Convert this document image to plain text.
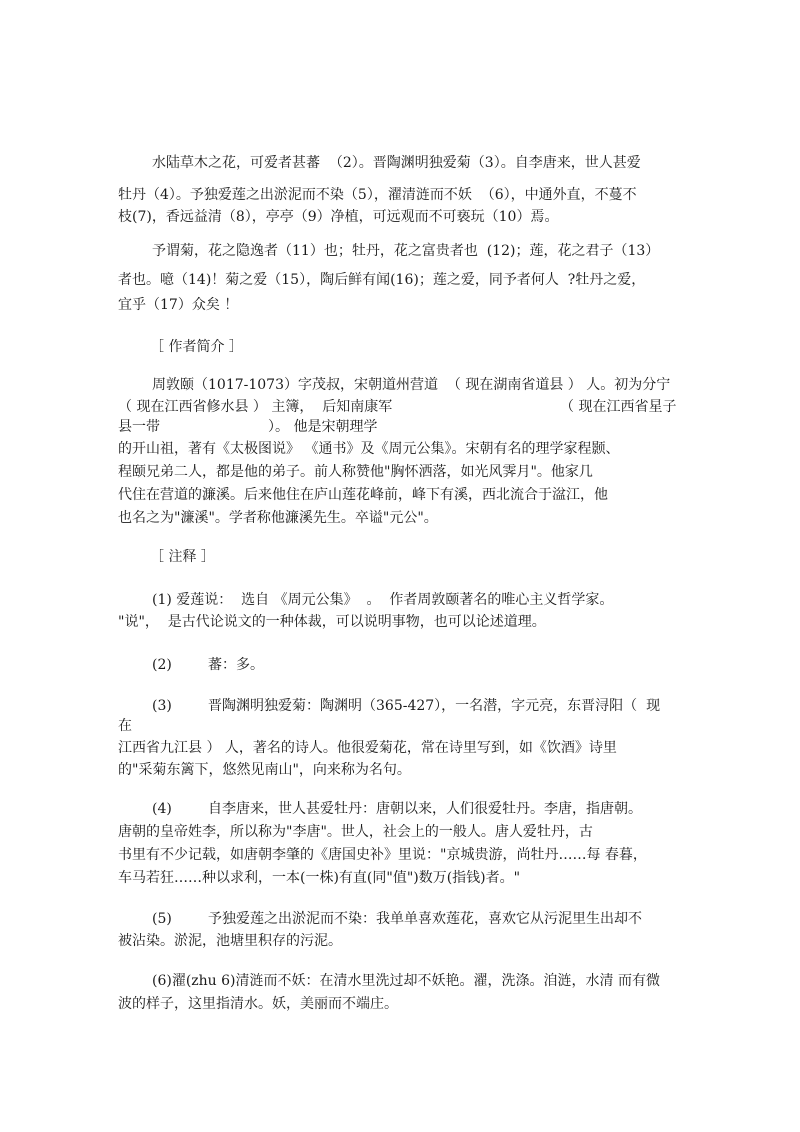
水陆草木之花，可爱者甚蕃  （2）。晋陶渊明独爱菊（3）。自李唐来，世人甚爱
牡丹（4）。予独爱莲之出淤泥而不染（5），濯清涟而不妖  （6），中通外直，不蔓不
枝(7)，香远益清（8），亭亭（9）净植，可远观而不可亵玩（10）焉。
予谓菊，花之隐逸者（11）也；牡丹，花之富贵者也  (12)；莲，花之君子（13）
者也。噫（14)！菊之爱（15），陶后鲜有闻(16)；莲之爱，同予者何人  ?牡丹之爱，
宜乎（17）众矣 ！
［ 作者简介 ］
周敦颐（1017-1073）字茂叔，宋朝道州营道  （ 现在湖南省道县 ） 人。初为分宁
（ 现在江西省修水县 ） 主簿，  后知南康军	（ 现在江西省星子
县一带	）。 他是宋朝理学
的开山祖，著有《太极图说》 《通书》及《周元公集》。宋朝有名的理学家程颢、
程颐兄弟二人，都是他的弟子。前人称赞他"胸怀洒落，如光风霁月"。他家几
代住在营道的濂溪。后来他住在庐山莲花峰前，峰下有溪，西北流合于湓江，他
也名之为"濂溪"。学者称他濂溪先生。卒谥"元公"。
［ 注释 ］
(1) 爱莲说：  选自 《周元公集》  。  作者周敦颐著名的唯心主义哲学家。
"说"，  是古代论说文的一种体裁，可以说明事物，也可以论述道理。
(2)	蕃：多。
(3)	晋陶渊明独爱菊：陶渊明（365-427），一名潜，字元亮，东晋浔阳（  现
在
江西省九江县 ） 人，著名的诗人。他很爱菊花，常在诗里写到，如《饮酒》诗里
的"采菊东篱下，悠然见南山"，向来称为名句。
(4)	自李唐来，世人甚爱牡丹：唐朝以来，人们很爱牡丹。李唐，指唐朝。
唐朝的皇帝姓李，所以称为"李唐"。世人，社会上的一般人。唐人爱牡丹，古
书里有不少记载，如唐朝李肇的《唐国史补》里说："京城贵游，尚牡丹……每 春暮，
车马若狂……种以求利，一本(一株)有直(同"值")数万(指钱)者。"
(5)	予独爱莲之出淤泥而不染：我单单喜欢莲花，喜欢它从污泥里生出却不
被沾染。淤泥，池塘里积存的污泥。
(6)濯(zhu 6)清涟而不妖：在清水里洗过却不妖艳。濯，洗涤。洎涟，水清 而有微
波的样子，这里指清水。妖，美丽而不端庄。
